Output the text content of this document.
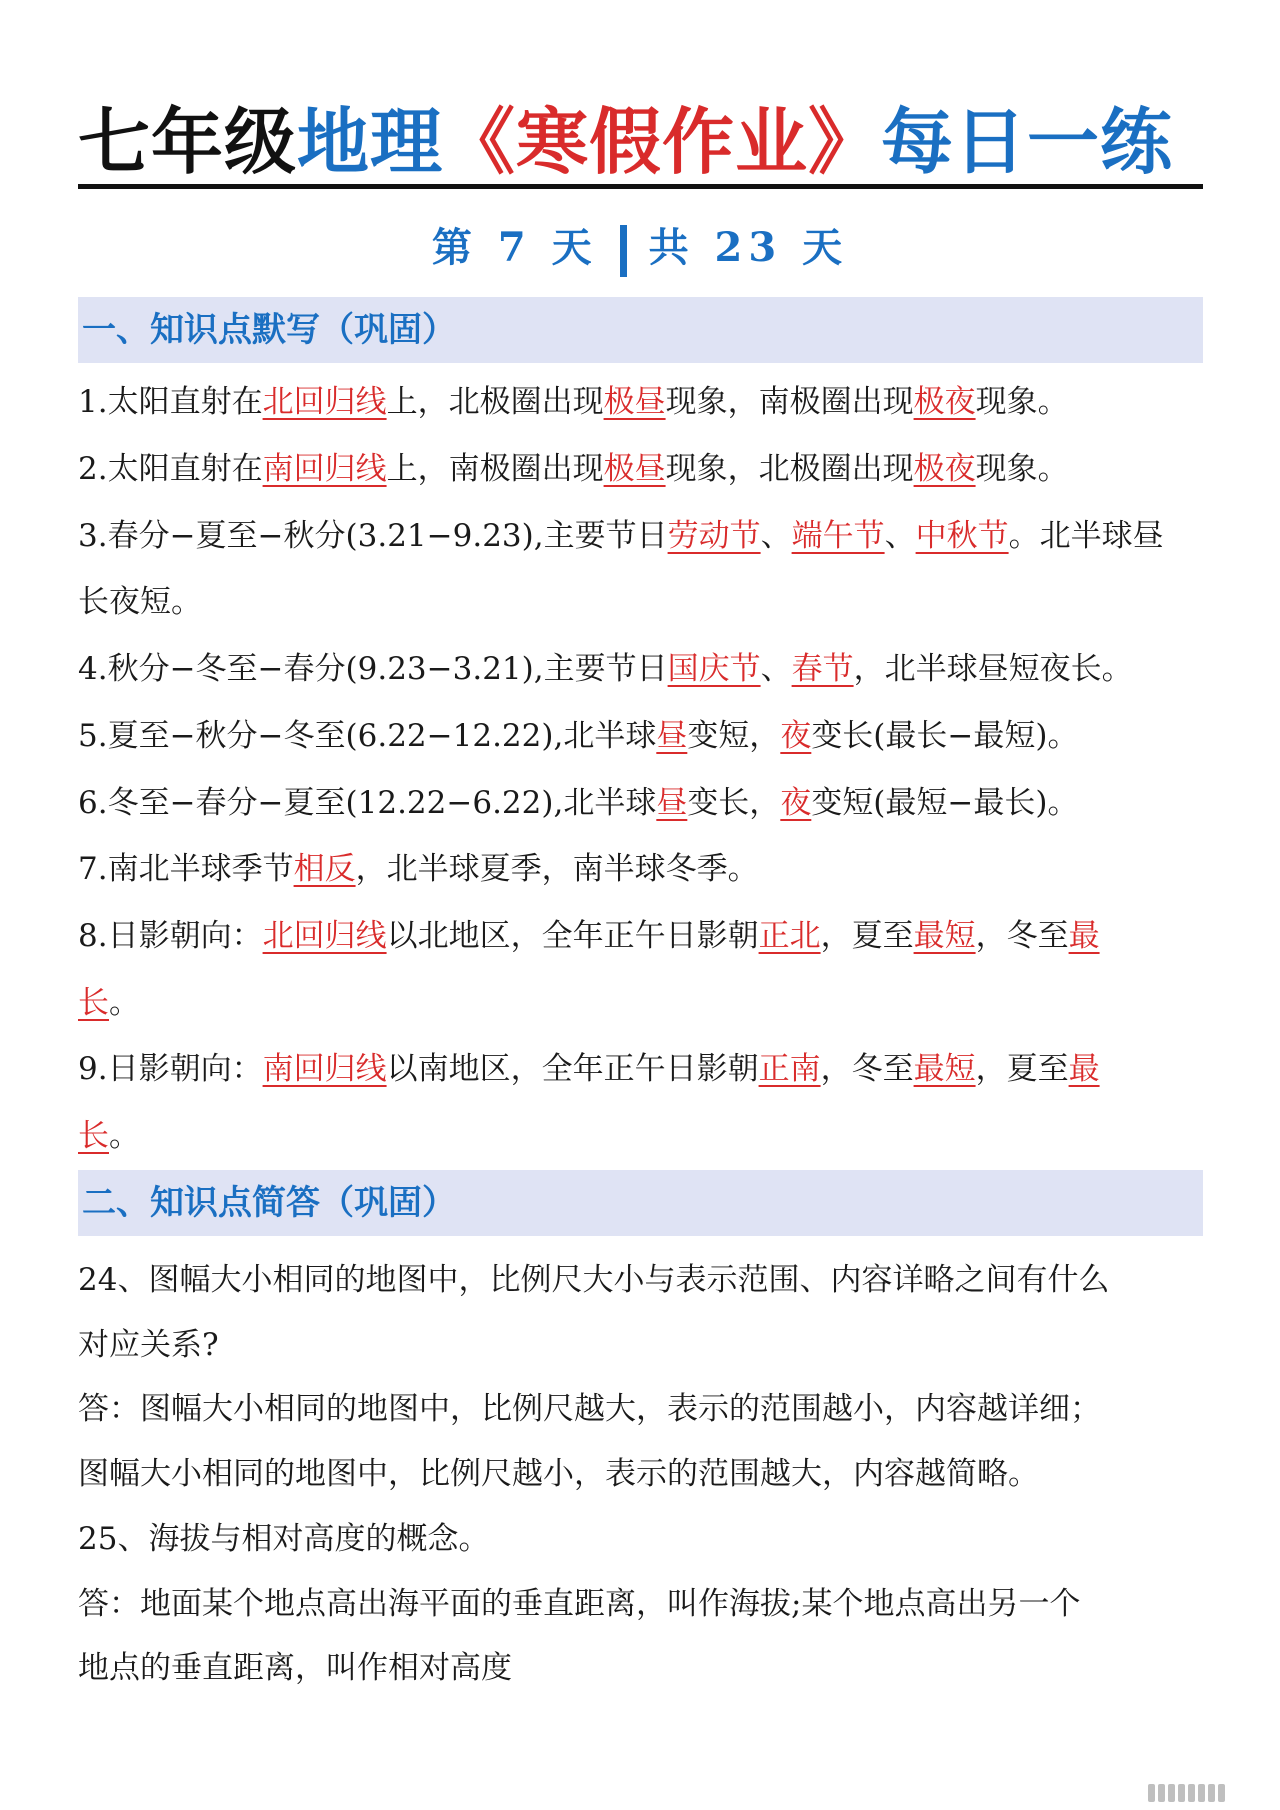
七年级地理《寒假作业》每日一练
第 7 天 共 23 天
一、知识点默写（巩固）
1.太阳直射在北回归线上，北极圈出现极昼现象，南极圈出现极夜现象。
2.太阳直射在南回归线上，南极圈出现极昼现象，北极圈出现极夜现象。
3.春分−夏至−秋分(3.21−9.23),主要节日劳动节、端午节、中秋节。北半球昼
长夜短。
4.秋分−冬至−春分(9.23−3.21),主要节日国庆节、春节，北半球昼短夜长。
5.夏至−秋分−冬至(6.22−12.22),北半球昼变短，夜变长(最长−最短)。
6.冬至−春分−夏至(12.22−6.22),北半球昼变长，夜变短(最短−最长)。
7.南北半球季节相反，北半球夏季，南半球冬季。
8.日影朝向：北回归线以北地区，全年正午日影朝正北，夏至最短，冬至最
长。
9.日影朝向：南回归线以南地区，全年正午日影朝正南，冬至最短，夏至最
长。
二、知识点简答（巩固）
24、图幅大小相同的地图中，比例尺大小与表示范围、内容详略之间有什么
对应关系?
答：图幅大小相同的地图中，比例尺越大，表示的范围越小，内容越详细；
图幅大小相同的地图中，比例尺越小，表示的范围越大，内容越简略。
25、海拔与相对高度的概念。
答：地面某个地点高出海平面的垂直距离，叫作海拔;某个地点高出另一个
地点的垂直距离，叫作相对高度
